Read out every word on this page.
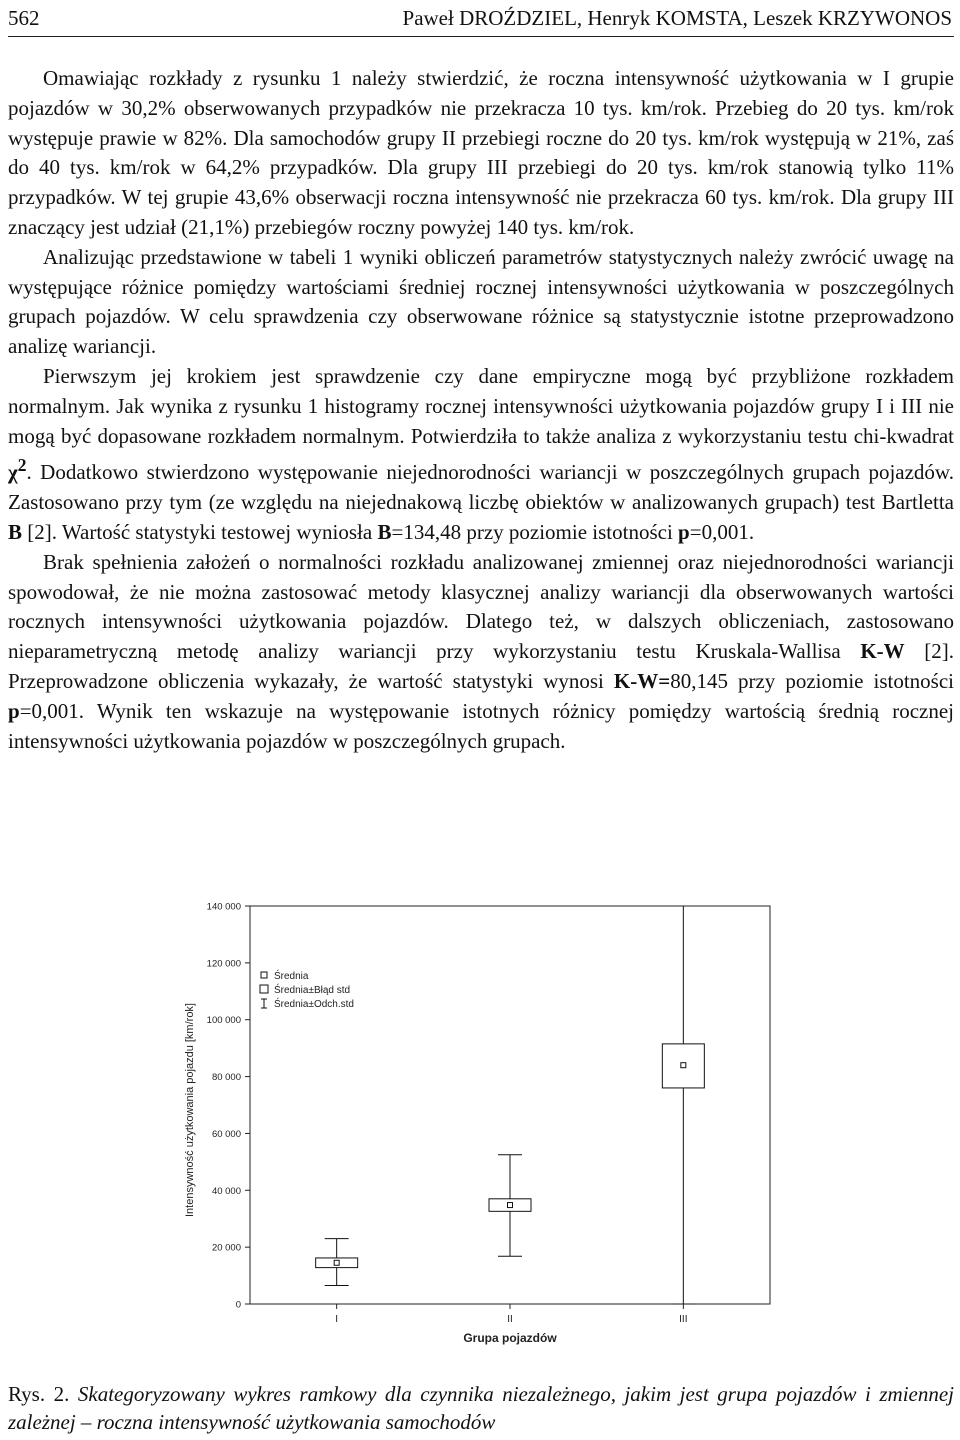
562	Paweł DROŹDZIEL, Henryk KOMSTA, Leszek KRZYWONOS

Omawiając rozkłady z rysunku 1 należy stwierdzić, że roczna intensywność użytkowania w I grupie pojazdów w 30,2% obserwowanych przypadków nie przekracza 10 tys. km/rok. Przebieg do 20 tys. km/rok występuje prawie w 82%. Dla samochodów grupy II przebiegi roczne do 20 tys. km/rok występują w 21%, zaś do 40 tys. km/rok w 64,2% przypadków. Dla grupy III przebiegi do 20 tys. km/rok stanowią tylko 11% przypadków. W tej grupie 43,6% obserwacji roczna intensywność nie przekracza 60 tys. km/rok. Dla grupy III znaczący jest udział (21,1%) przebiegów roczny powyżej 140 tys. km/rok.

Analizując przedstawione w tabeli 1 wyniki obliczeń parametrów statystycznych należy zwrócić uwagę na występujące różnice pomiędzy wartościami średniej rocznej intensywności użytkowania w poszczególnych grupach pojazdów. W celu sprawdzenia czy obserwowane różnice są statystycznie istotne przeprowadzono analizę wariancji.

Pierwszym jej krokiem jest sprawdzenie czy dane empiryczne mogą być przybliżone rozkładem normalnym. Jak wynika z rysunku 1 histogramy rocznej intensywności użytkowania pojazdów grupy I i III nie mogą być dopasowane rozkładem normalnym. Potwierdziła to także analiza z wykorzystaniu testu chi-kwadrat $\chi^2$. Dodatkowo stwierdzono występowanie niejednorodności wariancji w poszczególnych grupach pojazdów. Zastosowano przy tym (ze względu na niejednakową liczbę obiektów w analizowanych grupach) test Bartletta B [2]. Wartość statystyki testowej wyniosła B=134,48 przy poziomie istotności p=0,001.

Brak spełnienia założeń o normalności rozkładu analizowanej zmiennej oraz niejednorodności wariancji spowodował, że nie można zastosować metody klasycznej analizy wariancji dla obserwowanych wartości rocznych intensywności użytkowania pojazdów. Dlatego też, w dalszych obliczeniach, zastosowano nieparametryczną metodę analizy wariancji przy wykorzystaniu testu Kruskala-Wallisa K-W [2]. Przeprowadzone obliczenia wykazały, że wartość statystyki wynosi K-W=80,145 przy poziomie istotności p=0,001. Wynik ten wskazuje na występowanie istotnych różnicy pomiędzy wartością średnią rocznej intensywności użytkowania pojazdów w poszczególnych grupach.

0
20 000
40 000
60 000
80 000
100 000
120 000
140 000
I	II	III
Średnia
Średnia±Błąd std
Średnia±Odch.std
Intensywność użytkowania pojazdu [km/rok]
Grupa pojazdów
Rys. 2. Skategoryzowany wykres ramkowy dla czynnika niezależnego, jakim jest grupa pojazdów i zmiennej zależnej – roczna intensywność użytkowania samochodów
